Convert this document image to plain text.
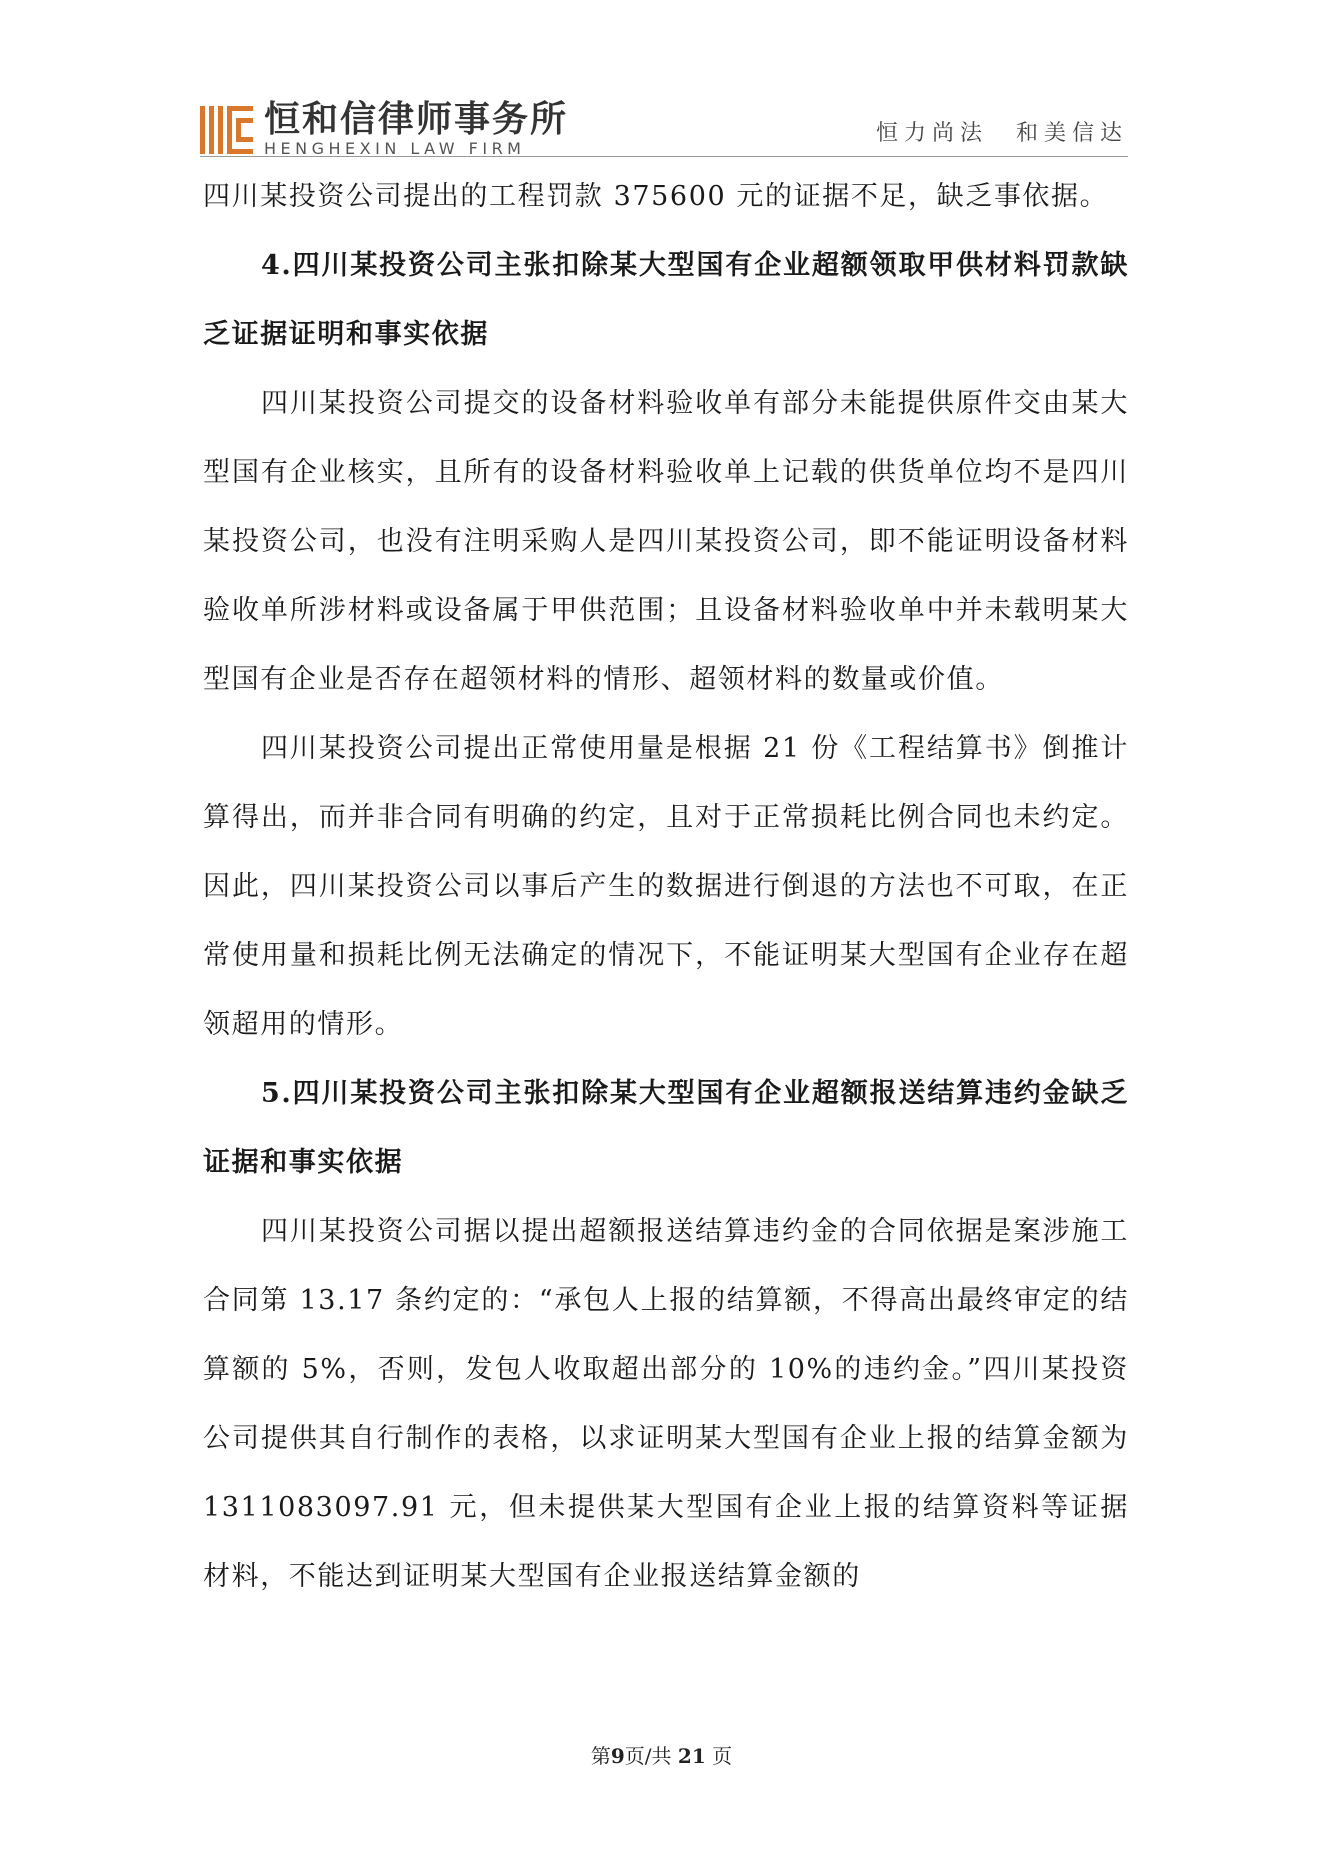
恒和信律师事务所
HENGHEXIN LAW FIRM
恒力尚法　和美信达

四川某投资公司提出的工程罚款 375600 元的证据不足，缺乏事依据。

4.四川某投资公司主张扣除某大型国有企业超额领取甲供材料罚款缺乏证据证明和事实依据

四川某投资公司提交的设备材料验收单有部分未能提供原件交由某大型国有企业核实，且所有的设备材料验收单上记载的供货单位均不是四川某投资公司，也没有注明采购人是四川某投资公司，即不能证明设备材料验收单所涉材料或设备属于甲供范围；且设备材料验收单中并未载明某大型国有企业是否存在超领材料的情形、超领材料的数量或价值。

四川某投资公司提出正常使用量是根据 21 份《工程结算书》倒推计算得出，而并非合同有明确的约定，且对于正常损耗比例合同也未约定。因此，四川某投资公司以事后产生的数据进行倒退的方法也不可取，在正常使用量和损耗比例无法确定的情况下，不能证明某大型国有企业存在超领超用的情形。

5.四川某投资公司主张扣除某大型国有企业超额报送结算违约金缺乏证据和事实依据

四川某投资公司据以提出超额报送结算违约金的合同依据是案涉施工合同第 13.17 条约定的：“承包人上报的结算额，不得高出最终审定的结算额的 5%，否则，发包人收取超出部分的 10%的违约金。”四川某投资公司提供其自行制作的表格，以求证明某大型国有企业上报的结算金额为 1311083097.91 元，但未提供某大型国有企业上报的结算资料等证据材料，不能达到证明某大型国有企业报送结算金额的

第9页/共 21 页
